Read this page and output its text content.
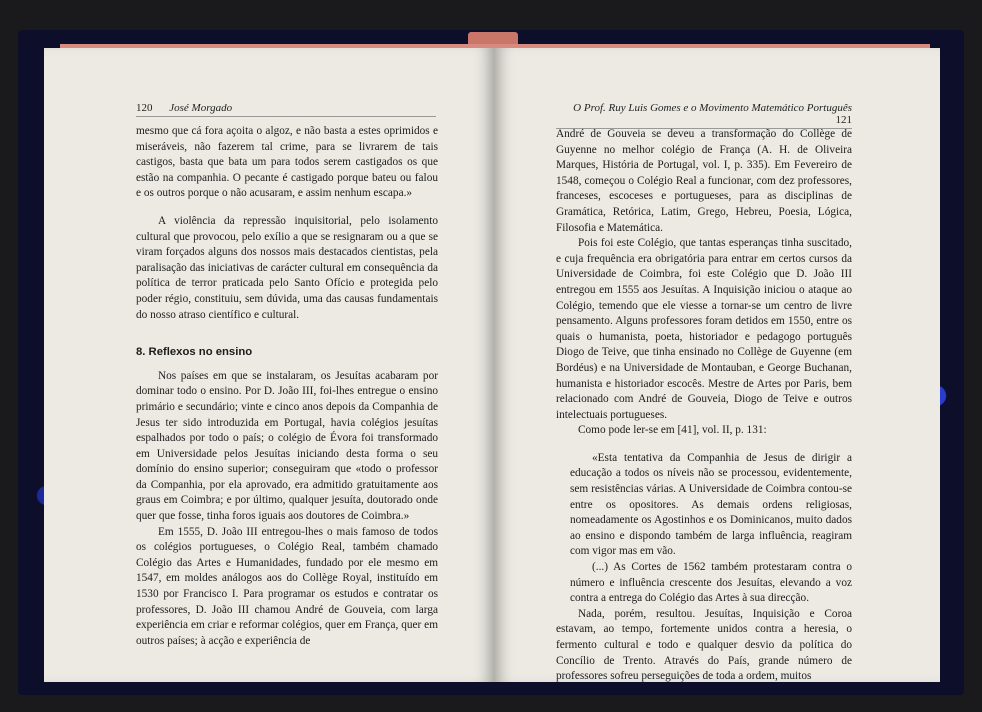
120 José Morgado	O Prof. Ruy Luis Gomes e o Movimento Matemático Português 121

mesmo que cá fora açoita o algoz, e não basta a estes oprimidos e miseráveis, não fazerem tal crime, para se livrarem de tais castigos, basta que bata um para todos serem castigados os que estão na companhia. O pecante é castigado porque bateu ou falou e os outros porque o não acusaram, e assim nenhum escapa.»

A violência da repressão inquisitorial, pelo isolamento cultural que provocou, pelo exílio a que se resignaram ou a que se viram forçados alguns dos nossos mais destacados cientistas, pela paralisação das iniciativas de carácter cultural em consequência da política de terror praticada pelo Santo Ofício e protegida pelo poder régio, constituiu, sem dúvida, uma das causas fundamentais do nosso atraso científico e cultural.

8. Reflexos no ensino

Nos países em que se instalaram, os Jesuítas acabaram por dominar todo o ensino. Por D. João III, foi-lhes entregue o ensino primário e secundário; vinte e cinco anos depois da Companhia de Jesus ter sido introduzida em Portugal, havia colégios jesuítas espalhados por todo o país; o colégio de Évora foi transformado em Universidade pelos Jesuítas iniciando desta forma o seu domínio do ensino superior; conseguiram que «todo o professor da Companhia, por ela aprovado, era admitido gratuitamente aos graus em Coimbra; e por último, qualquer jesuíta, doutorado onde quer que fosse, tinha foros iguais aos doutores de Coimbra.»

Em 1555, D. João III entregou-lhes o mais famoso de todos os colégios portugueses, o Colégio Real, também chamado Colégio das Artes e Humanidades, fundado por ele mesmo em 1547, em moldes análogos aos do Collège Royal, instituído em 1530 por Francisco I. Para programar os estudos e contratar os professores, D. João III chamou André de Gouveia, com larga experiência em criar e reformar colégios, quer em França, quer em outros países; à acção e experiência de

André de Gouveia se deveu a transformação do Collège de Guyenne no melhor colégio de França (A. H. de Oliveira Marques, História de Portugal, vol. I, p. 335). Em Fevereiro de 1548, começou o Colégio Real a funcionar, com dez professores, franceses, escoceses e portugueses, para as disciplinas de Gramática, Retórica, Latim, Grego, Hebreu, Poesia, Lógica, Filosofia e Matemática.

Pois foi este Colégio, que tantas esperanças tinha suscitado, e cuja frequência era obrigatória para entrar em certos cursos da Universidade de Coimbra, foi este Colégio que D. João III entregou em 1555 aos Jesuítas. A Inquisição iniciou o ataque ao Colégio, temendo que ele viesse a tornar-se um centro de livre pensamento. Alguns professores foram detidos em 1550, entre os quais o humanista, poeta, historiador e pedagogo português Diogo de Teive, que tinha ensinado no Collège de Guyenne (em Bordéus) e na Universidade de Montauban, e George Buchanan, humanista e historiador escocês. Mestre de Artes por Paris, bem relacionado com André de Gouveia, Diogo de Teive e outros intelectuais portugueses.

Como pode ler-se em [41], vol. II, p. 131:

«Esta tentativa da Companhia de Jesus de dirigir a educação a todos os níveis não se processou, evidentemente, sem resistências várias. A Universidade de Coimbra contou-se entre os opositores. As demais ordens religiosas, nomeadamente os Agostinhos e os Dominicanos, muito dados ao ensino e dispondo também de larga influência, reagiram com vigor mas em vão.

(...) As Cortes de 1562 também protestaram contra o número e influência crescente dos Jesuítas, elevando a voz contra a entrega do Colégio das Artes à sua direcção.

Nada, porém, resultou. Jesuítas, Inquisição e Coroa estavam, ao tempo, fortemente unidos contra a heresia, o fermento cultural e todo e qualquer desvio da política do Concílio de Trento. Através do País, grande número de professores sofreu perseguições de toda a ordem, muitos
